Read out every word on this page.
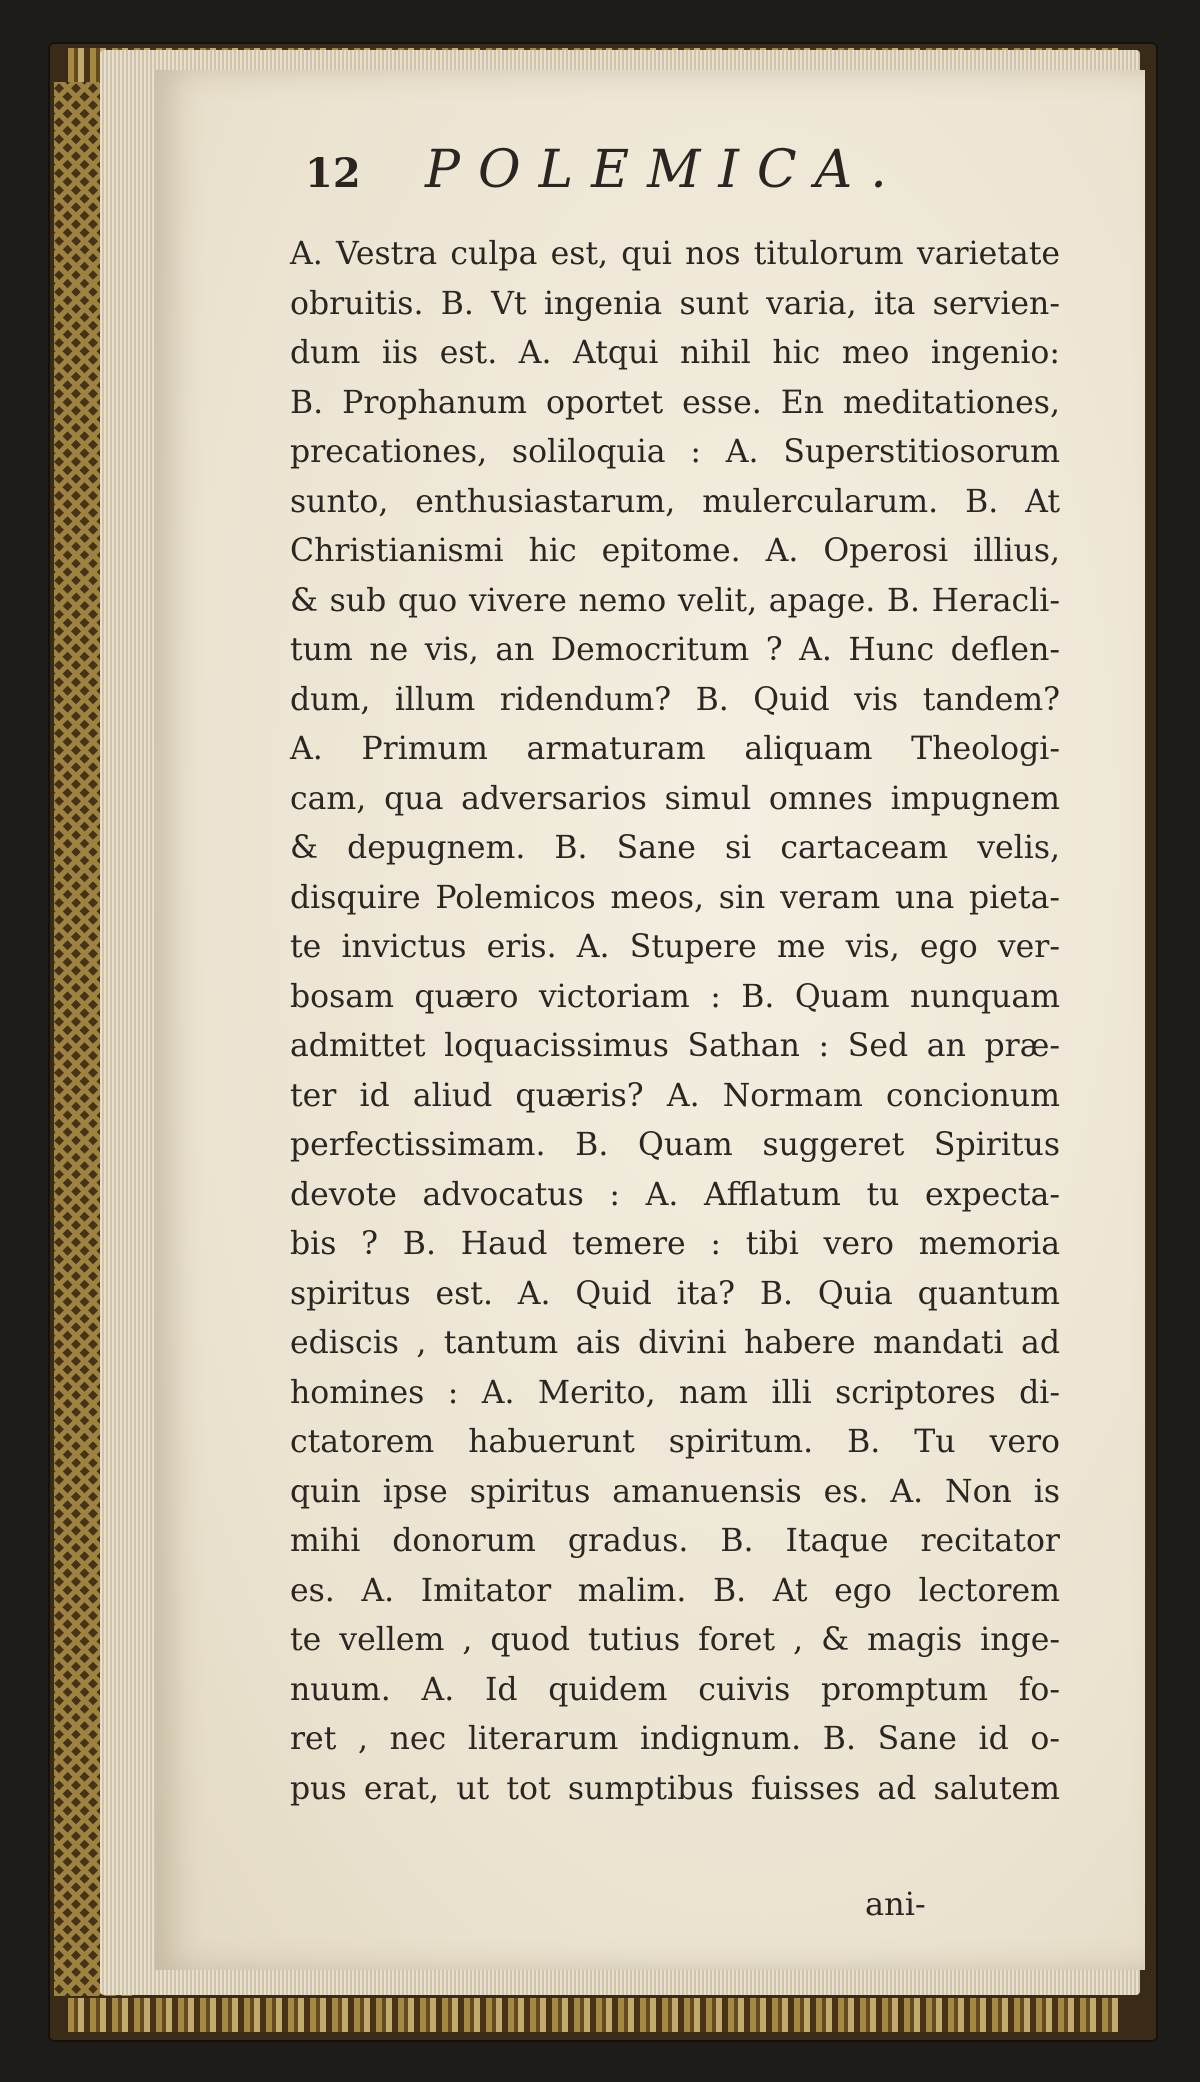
12	POLEMICA.
A. Vestra culpa est, qui nos titulorum varietate
obruitis. B. Vt ingenia sunt varia, ita servien-
dum iis est. A. Atqui nihil hic meo ingenio:
B. Prophanum oportet esse. En meditationes,
precationes, soliloquia : A. Superstitiosorum
sunto, enthusiastarum, mulercularum. B. At
Christianismi hic epitome. A. Operosi illius,
& sub quo vivere nemo velit, apage. B. Heracli-
tum ne vis, an Democritum ? A. Hunc deflen-
dum, illum ridendum? B. Quid vis tandem?
A. Primum armaturam aliquam Theologi-
cam, qua adversarios simul omnes impugnem
& depugnem. B. Sane si cartaceam velis,
disquire Polemicos meos, sin veram una pieta-
te invictus eris. A. Stupere me vis, ego ver-
bosam quæro victoriam : B. Quam nunquam
admittet loquacissimus Sathan : Sed an præ-
ter id aliud quæris? A. Normam concionum
perfectissimam. B. Quam suggeret Spiritus
devote advocatus : A. Afflatum tu expecta-
bis ? B. Haud temere : tibi vero memoria
spiritus est. A. Quid ita? B. Quia quantum
ediscis , tantum ais divini habere mandati ad
homines : A. Merito, nam illi scriptores di-
ctatorem habuerunt spiritum. B. Tu vero
quin ipse spiritus amanuensis es. A. Non is
mihi donorum gradus. B. Itaque recitator
es. A. Imitator malim. B. At ego lectorem
te vellem , quod tutius foret , & magis inge-
nuum. A. Id quidem cuivis promptum fo-
ret , nec literarum indignum. B. Sane id o-
pus erat, ut tot sumptibus fuisses ad salutem
ani-
